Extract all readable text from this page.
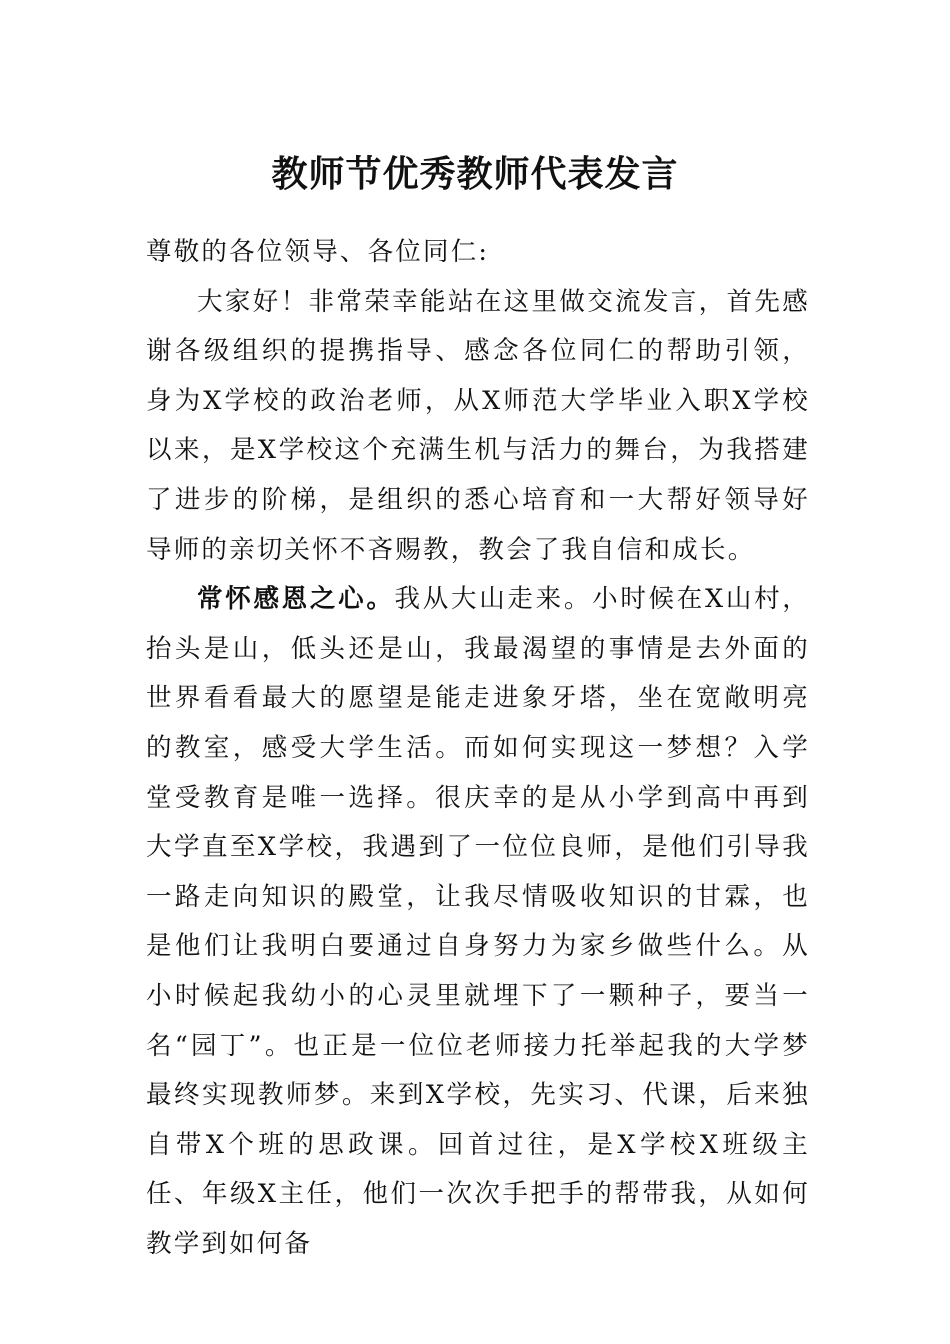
教师节优秀教师代表发言

尊敬的各位领导、各位同仁:

大家好！非常荣幸能站在这里做交流发言，首先感谢各级组织的提携指导、感念各位同仁的帮助引领，身为X学校的政治老师，从X师范大学毕业入职X学校以来，是X学校这个充满生机与活力的舞台，为我搭建了进步的阶梯，是组织的悉心培育和一大帮好领导好导师的亲切关怀不吝赐教，教会了我自信和成长。

常怀感恩之心。我从大山走来。小时候在X山村，抬头是山，低头还是山，我最渴望的事情是去外面的世界看看最大的愿望是能走进象牙塔，坐在宽敞明亮的教室，感受大学生活。而如何实现这一梦想？入学堂受教育是唯一选择。很庆幸的是从小学到高中再到大学直至X学校，我遇到了一位位良师，是他们引导我一路走向知识的殿堂，让我尽情吸收知识的甘霖，也是他们让我明白要通过自身努力为家乡做些什么。从小时候起我幼小的心灵里就埋下了一颗种子，要当一名“园丁”。也正是一位位老师接力托举起我的大学梦最终实现教师梦。来到X学校，先实习、代课，后来独自带X个班的思政课。回首过往，是X学校X班级主任、年级X主任，他们一次次手把手的帮带我，从如何教学到如何备
